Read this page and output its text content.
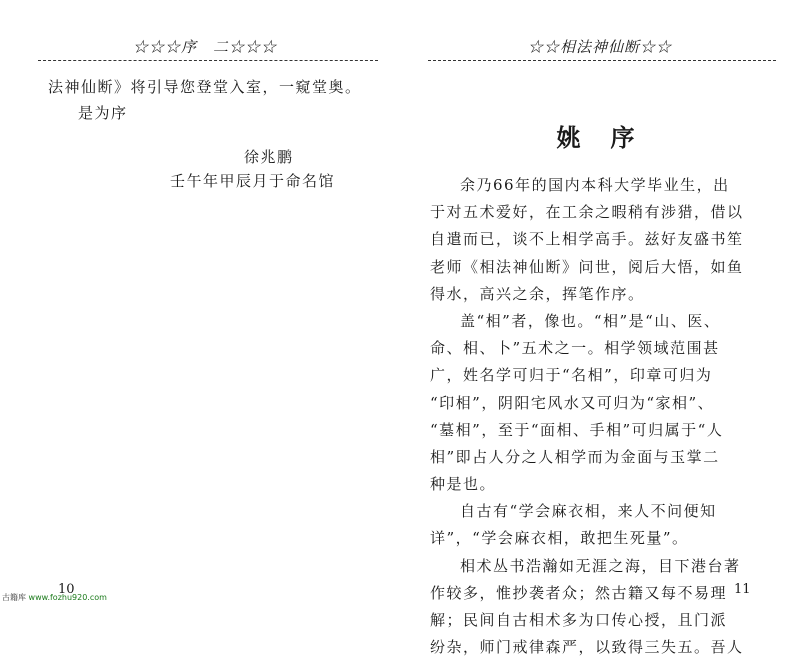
☆☆☆序　二☆☆☆
法神仙断》将引导您登堂入室，一窥堂奥。
是为序
徐兆鹏
壬午年甲辰月于命名馆
10
☆☆相法神仙断☆☆
姚 序
余乃66年的国内本科大学毕业生，出
于对五术爱好，在工余之暇稍有涉猎，借以
自遣而已，谈不上相学高手。兹好友盛书笙
老师《相法神仙断》问世，阅后大悟，如鱼
得水，高兴之余，挥笔作序。
盖“相”者，像也。“相”是“山、医、
命、相、卜”五术之一。相学领域范围甚
广，姓名学可归于“名相”，印章可归为
“印相”，阴阳宅风水又可归为“家相”、
“墓相”，至于“面相、手相”可归属于“人
相”即占人分之人相学而为金面与玉掌二
种是也。
自古有“学会麻衣相，来人不问便知
详”，“学会麻衣相，敢把生死量”。
相术丛书浩瀚如无涯之海，目下港台著
作较多，惟抄袭者众；然古籍又每不易理
解；民间自古相术多为口传心授，且门派
纷杂，师门戒律森严，以致得三失五。吾人
11
古籍库 www.fozhu920.com
